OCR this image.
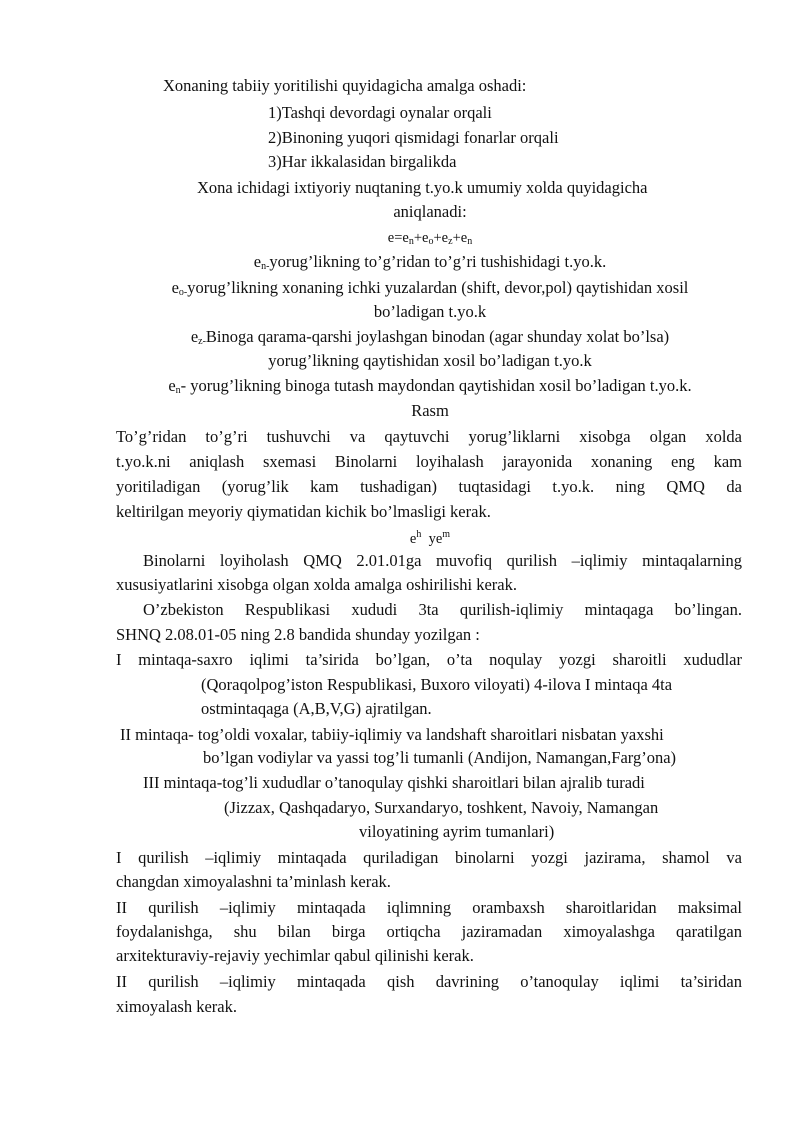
Xonaning tabiiy yoritilishi quyidagicha amalga oshadi:
1)Tashqi devordagi oynalar orqali
2)Binoning yuqori qismidagi fonarlar orqali
3)Har ikkalasidan birgalikda
Xona ichidagi ixtiyoriy nuqtaning t.yo.k umumiy xolda quyidagicha
aniqlanadi:
$e=e_n+e_o+e_z+e_n$
$e_{n-}yorug’likning$ to’g’ridan to’g’ri tushishidagi t.yo.k.
$e_{o-}yorug’likning$ xonaning ichki yuzalardan (shift, devor,pol) qaytishidan xosil
bo’ladigan t.yo.k
$e_{z-}Binoga$ qarama-qarshi joylashgan binodan (agar shunday xolat bo’lsa)
yorug’likning qaytishidan xosil bo’ladigan t.yo.k
$e_n-$ yorug’likning binoga tutash maydondan qaytishidan xosil bo’ladigan t.yo.k.
Rasm
To’g’ridan to’g’ri tushuvchi va qaytuvchi yorug’liklarni xisobga olgan xolda
t.yo.k.ni aniqlash sxemasi Binolarni loyihalash jarayonida xonaning eng kam
yoritiladigan (yorug’lik kam tushadigan) tuqtasidagi t.yo.k. ning QMQ da
keltirilgan meyoriy qiymatidan kichik bo’lmasligi kerak.
$e^h$ $ye^m$
Binolarni loyiholash QMQ 2.01.01ga muvofiq qurilish –iqlimiy mintaqalarning
xususiyatlarini xisobga olgan xolda amalga oshirilishi kerak.
O’zbekiston Respublikasi xududi 3ta qurilish-iqlimiy mintaqaga bo’lingan.
SHNQ 2.08.01-05 ning 2.8 bandida shunday yozilgan :
I mintaqa-saxro iqlimi ta’sirida bo’lgan, o’ta noqulay yozgi sharoitli xududlar
(Qoraqolpog’iston Respublikasi, Buxoro viloyati) 4-ilova I mintaqa 4ta
ostmintaqaga (A,B,V,G) ajratilgan.
II mintaqa- tog’oldi voxalar, tabiiy-iqlimiy va landshaft sharoitlari nisbatan yaxshi
bo’lgan vodiylar va yassi tog’li tumanli (Andijon, Namangan,Farg’ona)
III mintaqa-tog’li xududlar o’tanoqulay qishki sharoitlari bilan ajralib turadi
(Jizzax, Qashqadaryo, Surxandaryo, toshkent, Navoiy, Namangan
viloyatining ayrim tumanlari)
I qurilish –iqlimiy mintaqada quriladigan binolarni yozgi jazirama, shamol va
changdan ximoyalashni ta’minlash kerak.
II qurilish –iqlimiy mintaqada iqlimning orambaxsh sharoitlaridan maksimal
foydalanishga, shu bilan birga ortiqcha jaziramadan ximoyalashga qaratilgan
arxitekturaviy-rejaviy yechimlar qabul qilinishi kerak.
II qurilish –iqlimiy mintaqada qish davrining o’tanoqulay iqlimi ta’siridan
ximoyalash kerak.
